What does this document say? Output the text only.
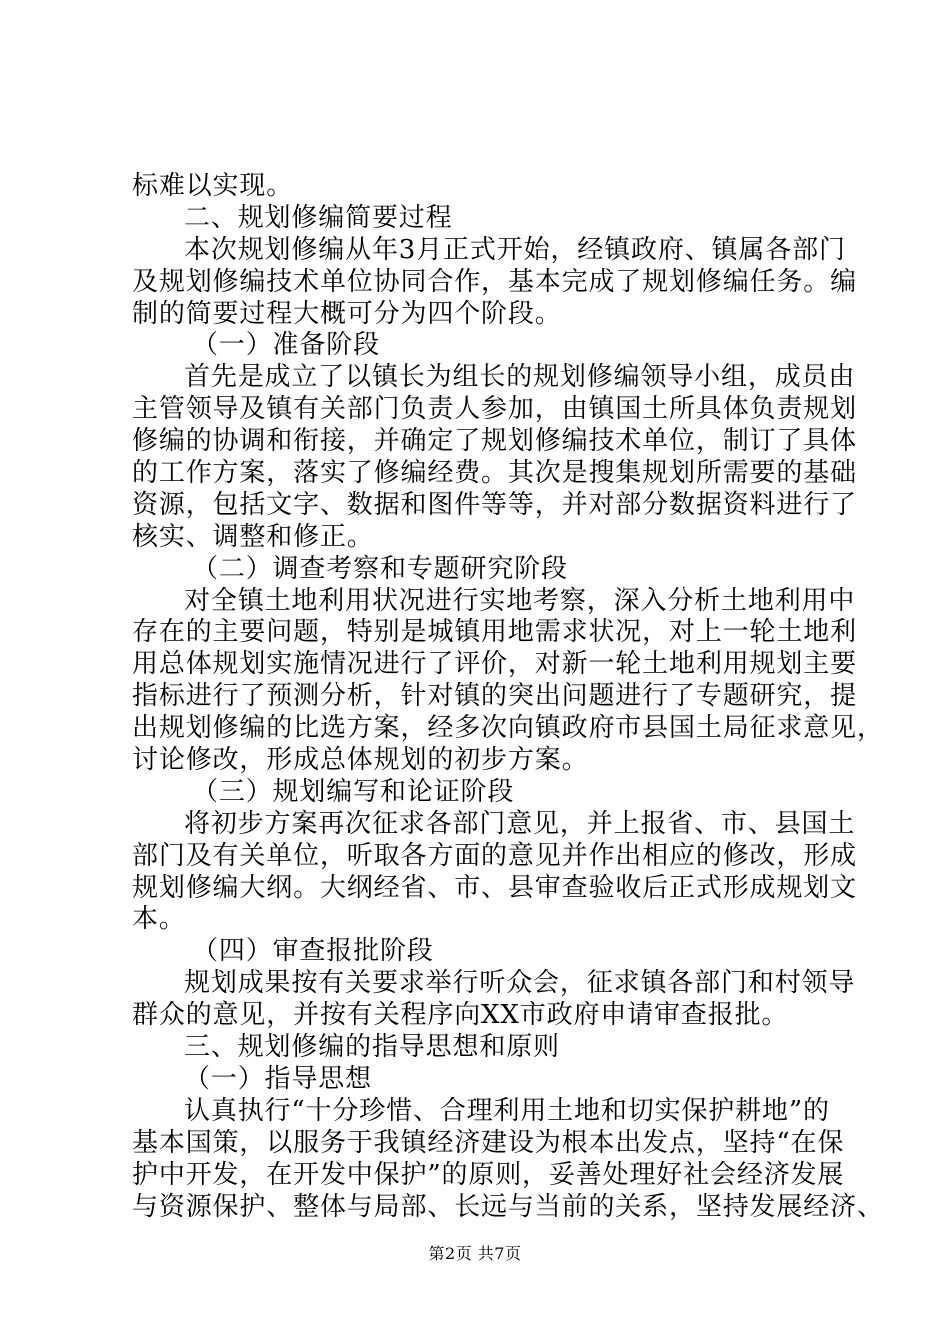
标难以实现。
二、规划修编简要过程
本次规划修编从年3月正式开始，经镇政府、镇属各部门
及规划修编技术单位协同合作，基本完成了规划修编任务。编
制的简要过程大概可分为四个阶段。
（一）准备阶段
首先是成立了以镇长为组长的规划修编领导小组，成员由
主管领导及镇有关部门负责人参加，由镇国土所具体负责规划
修编的协调和衔接，并确定了规划修编技术单位，制订了具体
的工作方案，落实了修编经费。其次是搜集规划所需要的基础
资源，包括文字、数据和图件等等，并对部分数据资料进行了
核实、调整和修正。
（二）调查考察和专题研究阶段
对全镇土地利用状况进行实地考察，深入分析土地利用中
存在的主要问题，特别是城镇用地需求状况，对上一轮土地利
用总体规划实施情况进行了评价，对新一轮土地利用规划主要
指标进行了预测分析，针对镇的突出问题进行了专题研究，提
出规划修编的比选方案，经多次向镇政府市县国土局征求意见，
讨论修改，形成总体规划的初步方案。
（三）规划编写和论证阶段
将初步方案再次征求各部门意见，并上报省、市、县国土
部门及有关单位，听取各方面的意见并作出相应的修改，形成
规划修编大纲。大纲经省、市、县审查验收后正式形成规划文
本。
（四）审查报批阶段
规划成果按有关要求举行听众会，征求镇各部门和村领导
群众的意见，并按有关程序向XX市政府申请审查报批。
三、规划修编的指导思想和原则
（一）指导思想
认真执行“十分珍惜、合理利用土地和切实保护耕地”的
基本国策，以服务于我镇经济建设为根本出发点，坚持“在保
护中开发，在开发中保护”的原则，妥善处理好社会经济发展
与资源保护、整体与局部、长远与当前的关系，坚持发展经济、
第2页 共7页
